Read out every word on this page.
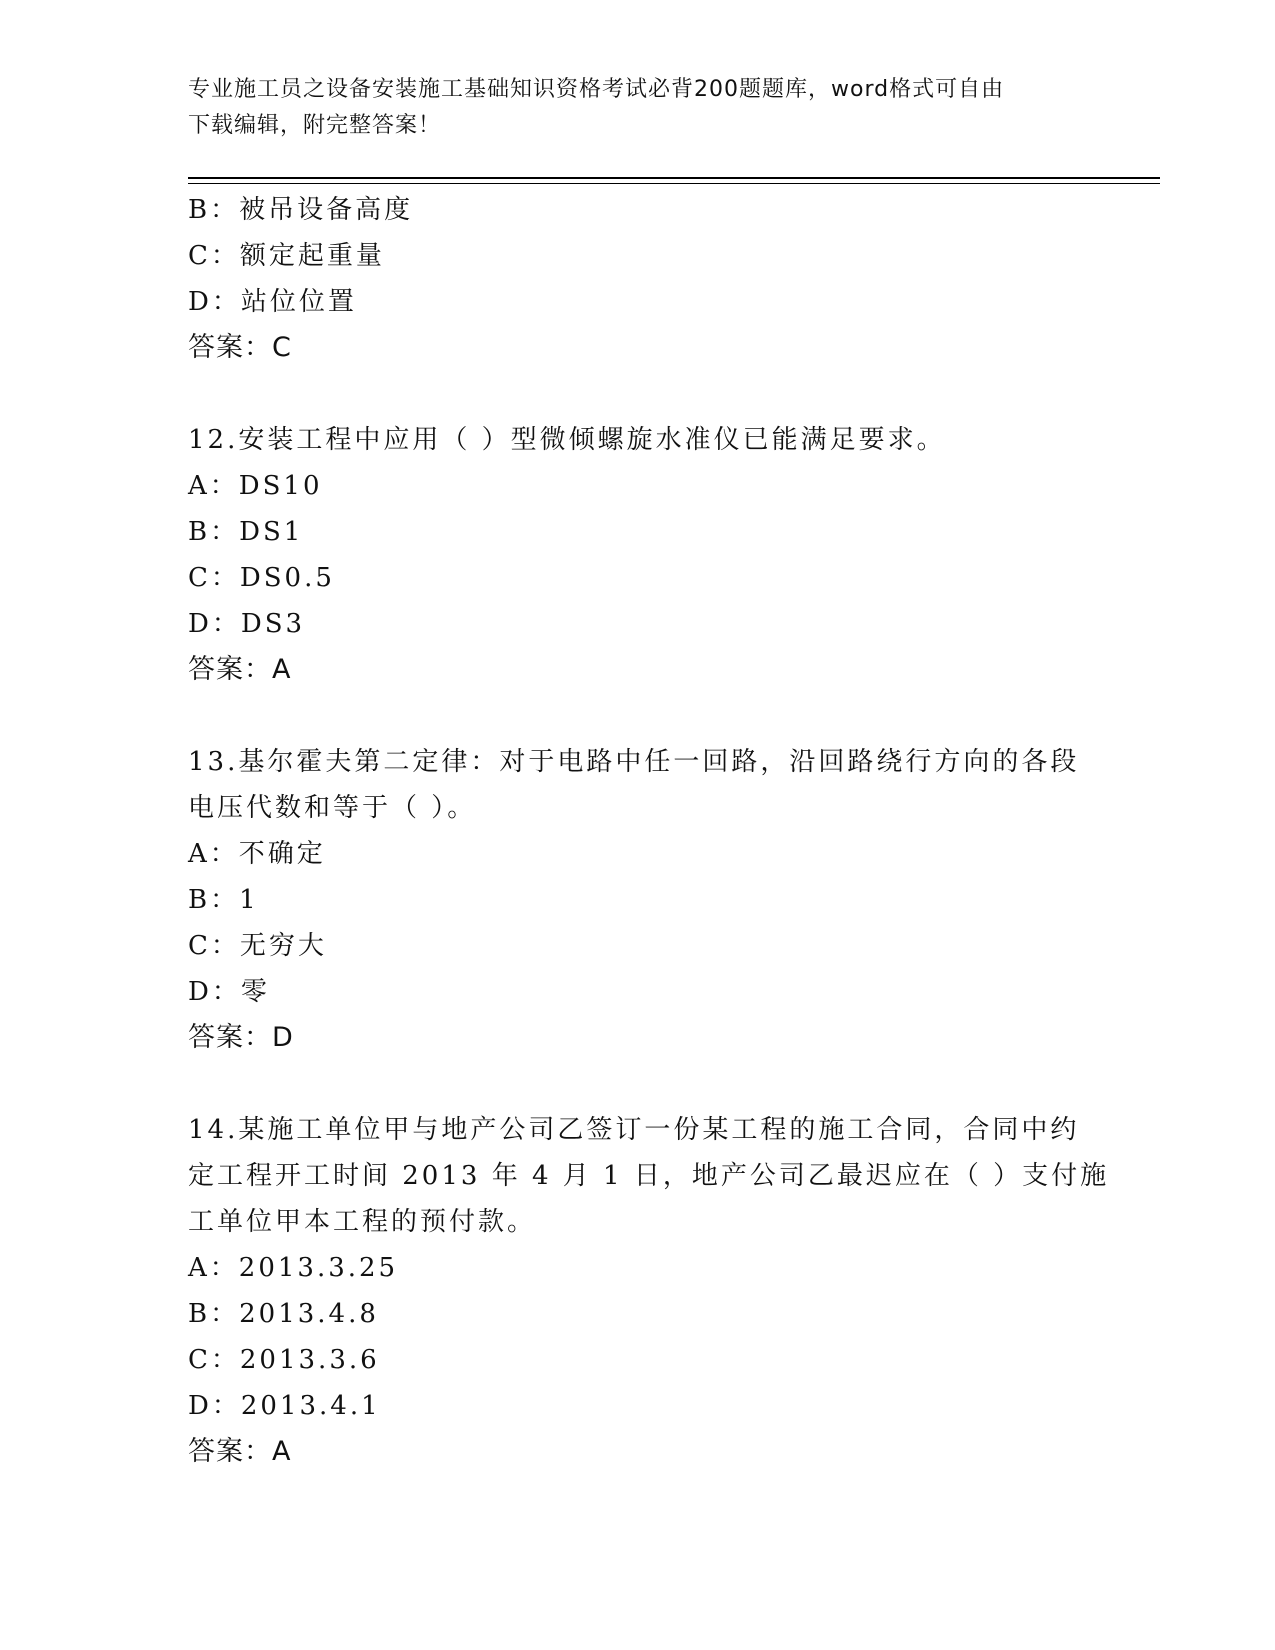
专业施工员之设备安装施工基础知识资格考试必背200题题库，word格式可自由
下载编辑，附完整答案！
B：被吊设备高度
C：额定起重量
D：站位位置
答案：C
12.安装工程中应用（ ）型微倾螺旋水准仪已能满足要求。
A：DS10
B：DS1
C：DS0.5
D：DS3
答案：A
13.基尔霍夫第二定律：对于电路中任一回路，沿回路绕行方向的各段
电压代数和等于（ ）。
A：不确定
B：1
C：无穷大
D：零
答案：D
14.某施工单位甲与地产公司乙签订一份某工程的施工合同，合同中约
定工程开工时间 2013 年 4 月 1 日，地产公司乙最迟应在（ ）支付施
工单位甲本工程的预付款。
A：2013.3.25
B：2013.4.8
C：2013.3.6
D：2013.4.1
答案：A
